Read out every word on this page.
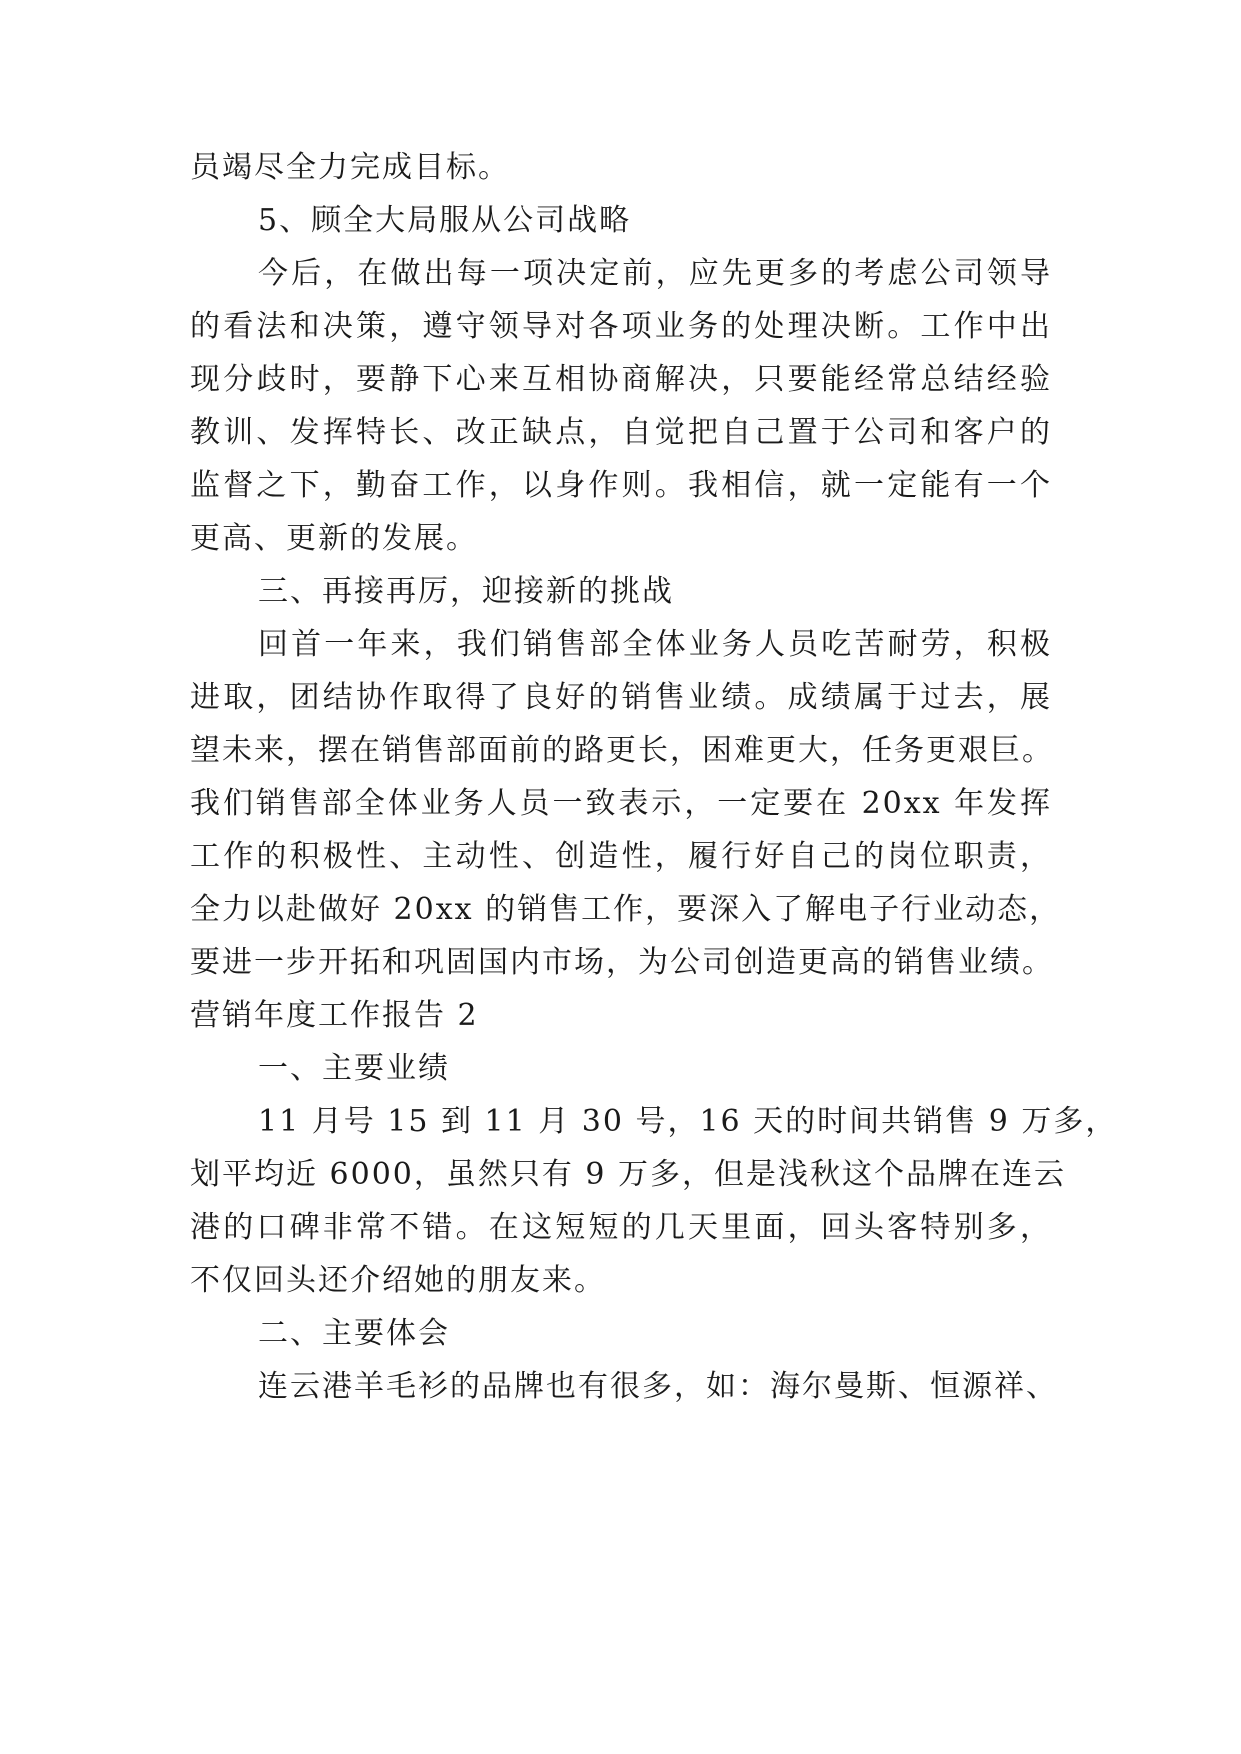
员竭尽全力完成目标。
5、顾全大局服从公司战略
今后，在做出每一项决定前，应先更多的考虑公司领导
的看法和决策，遵守领导对各项业务的处理决断。工作中出
现分歧时，要静下心来互相协商解决，只要能经常总结经验
教训、发挥特长、改正缺点，自觉把自己置于公司和客户的
监督之下，勤奋工作，以身作则。我相信，就一定能有一个
更高、更新的发展。
三、再接再厉，迎接新的挑战
回首一年来，我们销售部全体业务人员吃苦耐劳，积极
进取，团结协作取得了良好的销售业绩。成绩属于过去，展
望未来，摆在销售部面前的路更长，困难更大，任务更艰巨。
我们销售部全体业务人员一致表示，一定要在 20xx 年发挥
工作的积极性、主动性、创造性，履行好自己的岗位职责，
全力以赴做好 20xx 的销售工作，要深入了解电子行业动态，
要进一步开拓和巩固国内市场，为公司创造更高的销售业绩。
营销年度工作报告 2
一、主要业绩
11 月号 15 到 11 月 30 号，16 天的时间共销售 9 万多，
划平均近 6000，虽然只有 9 万多，但是浅秋这个品牌在连云
港的口碑非常不错。在这短短的几天里面，回头客特别多，
不仅回头还介绍她的朋友来。
二、主要体会
连云港羊毛衫的品牌也有很多，如：海尔曼斯、恒源祥、
